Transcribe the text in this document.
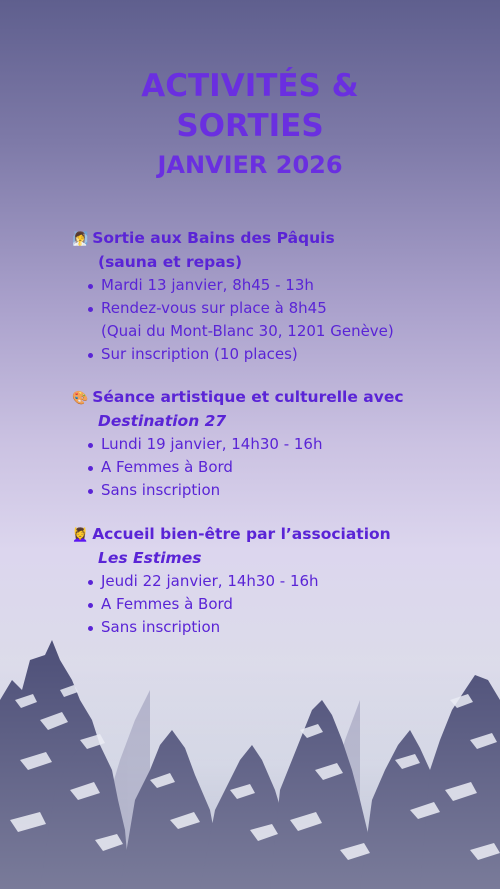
ACTIVITÉS &
SORTIES
JANVIER 2026

🧖‍♀️ Sortie aux Bains des Pâquis

(sauna et repas)

Mardi 13 janvier, 8h45 - 13h
Rendez-vous sur place à 8h45
(Quai du Mont-Blanc 30, 1201 Genève)
Sur inscription (10 places)

🎨 Séance artistique et culturelle avec

Destination 27

Lundi 19 janvier, 14h30 - 16h
A Femmes à Bord
Sans inscription

💆‍♀️ Accueil bien-être par l’association

Les Estimes

Jeudi 22 janvier, 14h30 - 16h
A Femmes à Bord
Sans inscription
